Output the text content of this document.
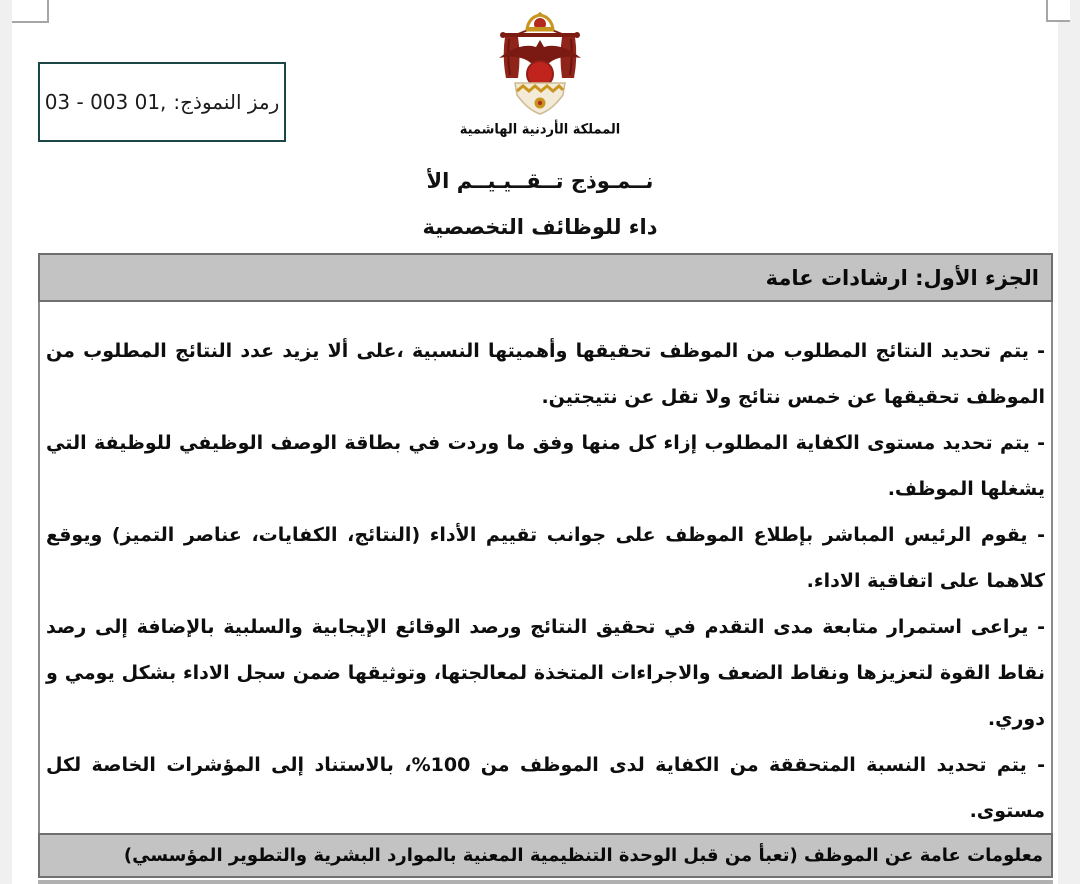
رمز النموذج:
03 - 003 01,
المملكة الأردنية الهاشمية
نــمـوذج تــقــيـيــم الأ
داء للوظائف التخصصية
الجزء الأول: ارشادات عامة

- يتم تحديد النتائج المطلوب من الموظف تحقيقها وأهميتها النسبية ،على ألا يزيد عدد النتائج المطلوب من الموظف تحقيقها عن خمس نتائج ولا تقل عن نتيجتين.

- يتم تحديد مستوى الكفاية المطلوب إزاء كل منها وفق ما وردت في بطاقة الوصف الوظيفي للوظيفة التي يشغلها الموظف.

- يقوم الرئيس المباشر بإطلاع الموظف على جوانب تقييم الأداء (النتائج، الكفايات، عناصر التميز) ويوقع كلاهما على اتفاقية الاداء.

- يراعى استمرار متابعة مدى التقدم في تحقيق النتائج ورصد الوقائع الإيجابية والسلبية بالإضافة إلى رصد نقاط القوة لتعزيزها ونقاط الضعف والاجراءات المتخذة لمعالجتها، وتوثيقها ضمن سجل الاداء بشكل يومي و دوري.

- يتم تحديد النسبة المتحققة من الكفاية لدى الموظف من 100%، بالاستناد إلى المؤشرات الخاصة لكل مستوى.

معلومات عامة عن الموظف (تعبأ من قبل الوحدة التنظيمية المعنية بالموارد البشرية والتطوير المؤسسي)
